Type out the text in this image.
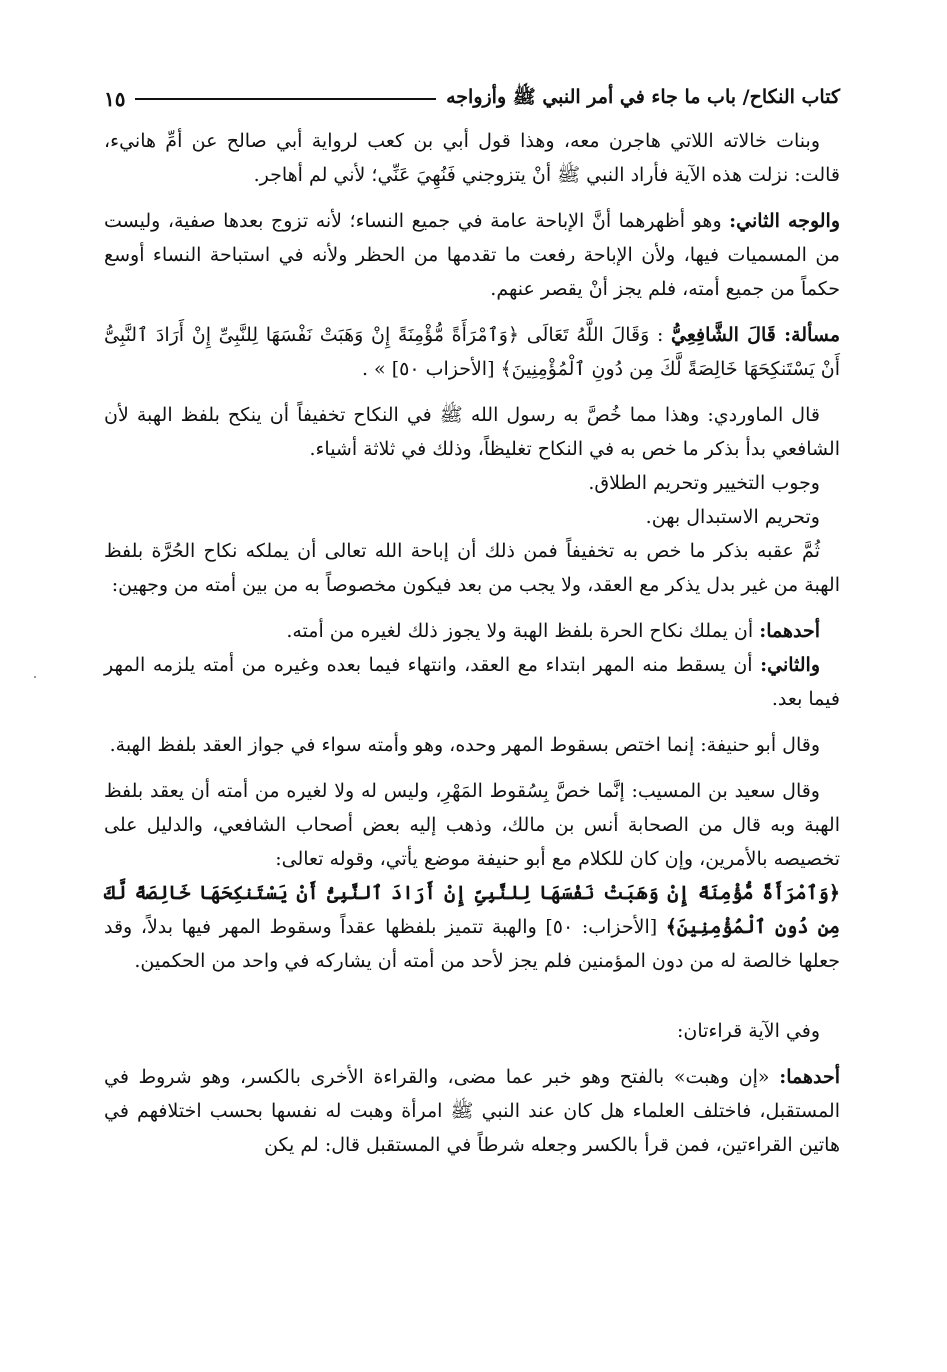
كتاب النكاح/ باب ما جاء في أمر النبي ﷺ وأزواجه
١٥

وبنات خالاته اللاتي هاجرن معه، وهذا قول أبي بن كعب لرواية أبي صالح عن أمِّ هانيء، قالت: نزلت هذه الآية فأراد النبي ﷺ أنْ يتزوجني فَنُهِيَ عَنِّي؛ لأني لم أهاجر.

والوجه الثاني: وهو أظهرهما أنَّ الإباحة عامة في جميع النساء؛ لأنه تزوج بعدها صفية، وليست من المسميات فيها، ولأن الإباحة رفعت ما تقدمها من الحظر ولأنه في استباحة النساء أوسع حكماً من جميع أمته، فلم يجز أنْ يقصر عنهم.

مسألة: قَالَ الشَّافِعِيُّ : وَقَالَ اللَّهُ تَعَالَى ﴿وَٱمْرَأَةً مُّؤْمِنَةً إِنْ وَهَبَتْ نَفْسَهَا لِلنَّبِىِّ إِنْ أَرَادَ ٱلنَّبِىُّ أَنْ يَسْتَنكِحَهَا خَالِصَةً لَّكَ مِن دُونِ ٱلْمُؤْمِنِينَ﴾ [الأحزاب ٥٠] » .

قال الماوردي: وهذا مما خُصَّ به رسول الله ﷺ في النكاح تخفيفاً أن ينكح بلفظ الهبة لأن الشافعي بدأ بذكر ما خص به في النكاح تغليظاً، وذلك في ثلاثة أشياء.

وجوب التخيير وتحريم الطلاق.

وتحريم الاستبدال بهن.

ثُمَّ عقبه بذكر ما خص به تخفيفاً فمن ذلك أن إباحة الله تعالى أن يملكه نكاح الحُرَّة بلفظ الهبة من غير بدل يذكر مع العقد، ولا يجب من بعد فيكون مخصوصاً به من بين أمته من وجهين:

أحدهما: أن يملك نكاح الحرة بلفظ الهبة ولا يجوز ذلك لغيره من أمته.

والثاني: أن يسقط منه المهر ابتداء مع العقد، وانتهاء فيما بعده وغيره من أمته يلزمه المهر فيما بعد.

وقال أبو حنيفة: إنما اختص بسقوط المهر وحده، وهو وأمته سواء في جواز العقد بلفظ الهبة.

وقال سعيد بن المسيب: إنَّما خصَّ بِسُقوط المَهْرِ، وليس له ولا لغيره من أمته أن يعقد بلفظ الهبة وبه قال من الصحابة أنس بن مالك، وذهب إليه بعض أصحاب الشافعي، والدليل على تخصيصه بالأمرين، وإن كان للكلام مع أبو حنيفة موضع يأتي، وقوله تعالى:

﴿وَٱمْرَأَةً مُّؤْمِنَةً إِنْ وَهَبَتْ نَفْسَهَا لِلنَّبِىِّ إِنْ أَرَادَ ٱلنَّبِىُّ أَنْ يَسْتَنكِحَهَا خَالِصَةً لَّكَ مِن دُونِ ٱلْمُؤْمِنِينَ﴾ [الأحزاب: ٥٠] والهبة تتميز بلفظها عقداً وسقوط المهر فيها بدلاً، وقد جعلها خالصة له من دون المؤمنين فلم يجز لأحد من أمته أن يشاركه في واحد من الحكمين.

وفي الآية قراءتان:

أحدهما: «إن وهبت» بالفتح وهو خبر عما مضى، والقراءة الأخرى بالكسر، وهو شروط في المستقبل، فاختلف العلماء هل كان عند النبي ﷺ امرأة وهبت له نفسها بحسب اختلافهم في هاتين القراءتين، فمن قرأ بالكسر وجعله شرطاً في المستقبل قال: لم يكن
